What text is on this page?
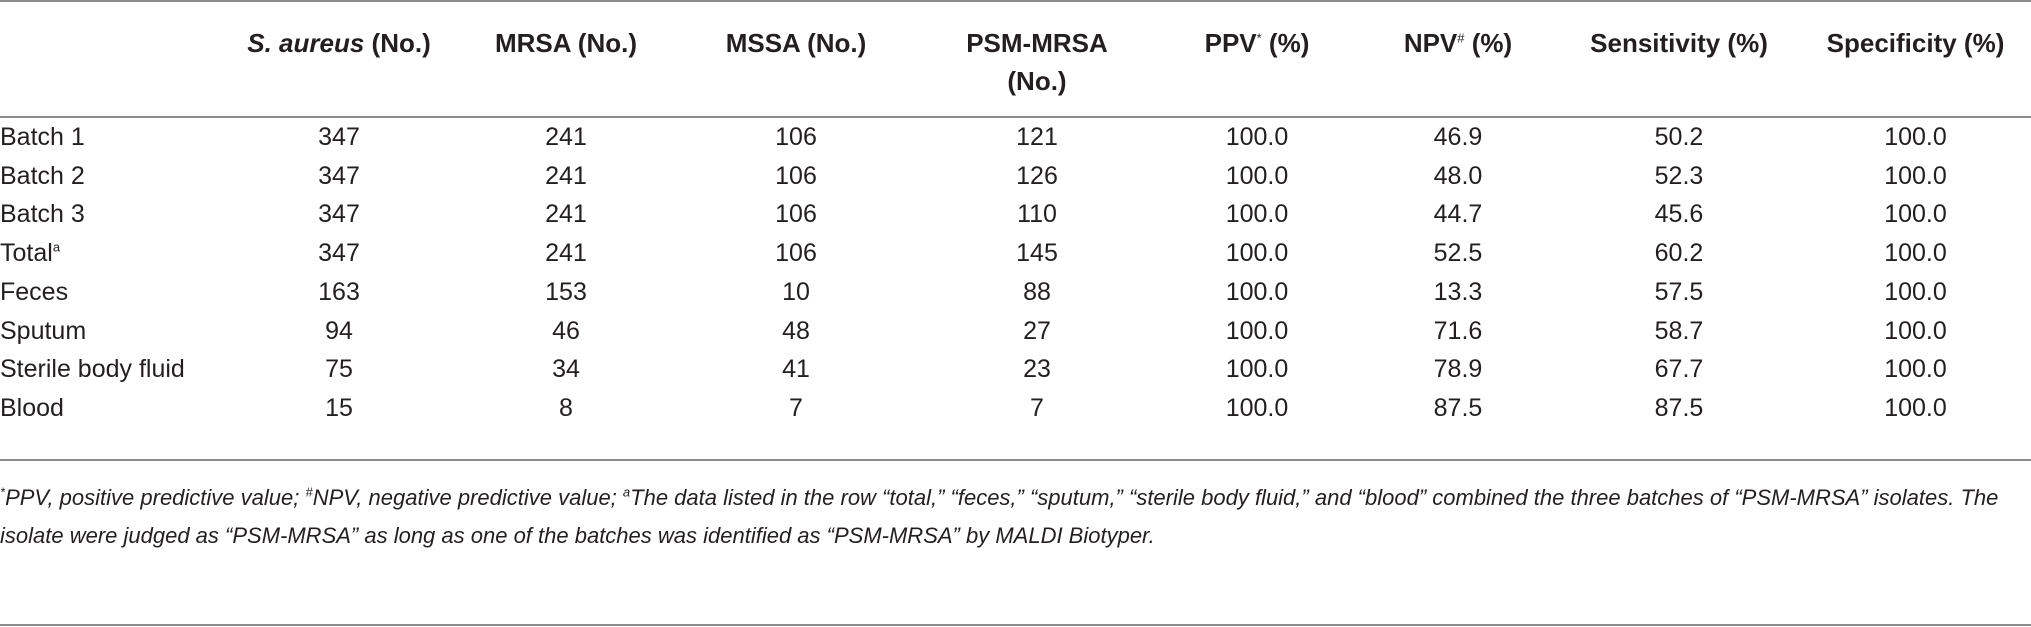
	S. aureus (No.)	MRSA (No.)	MSSA (No.)	PSM-MRSA (No.)	PPV* (%)	NPV# (%)	Sensitivity (%)	Specificity (%)
Batch 1	347	241	106	121	100.0	46.9	50.2	100.0
Batch 2	347	241	106	126	100.0	48.0	52.3	100.0
Batch 3	347	241	106	110	100.0	44.7	45.6	100.0
Total$^a$	347	241	106	145	100.0	52.5	60.2	100.0
Feces	163	153	10	88	100.0	13.3	57.5	100.0
Sputum	94	46	48	27	100.0	71.6	58.7	100.0
Sterile body fluid	75	34	41	23	100.0	78.9	67.7	100.0
Blood	15	8	7	7	100.0	87.5	87.5	100.0
*PPV, positive predictive value; #NPV, negative predictive value; $^a$The data listed in the row “total,” “feces,” “sputum,” “sterile body fluid,” and “blood” combined the three batches of “PSM-MRSA” isolates. The isolate were judged as “PSM-MRSA” as long as one of the batches was identified as “PSM-MRSA” by MALDI Biotyper.
